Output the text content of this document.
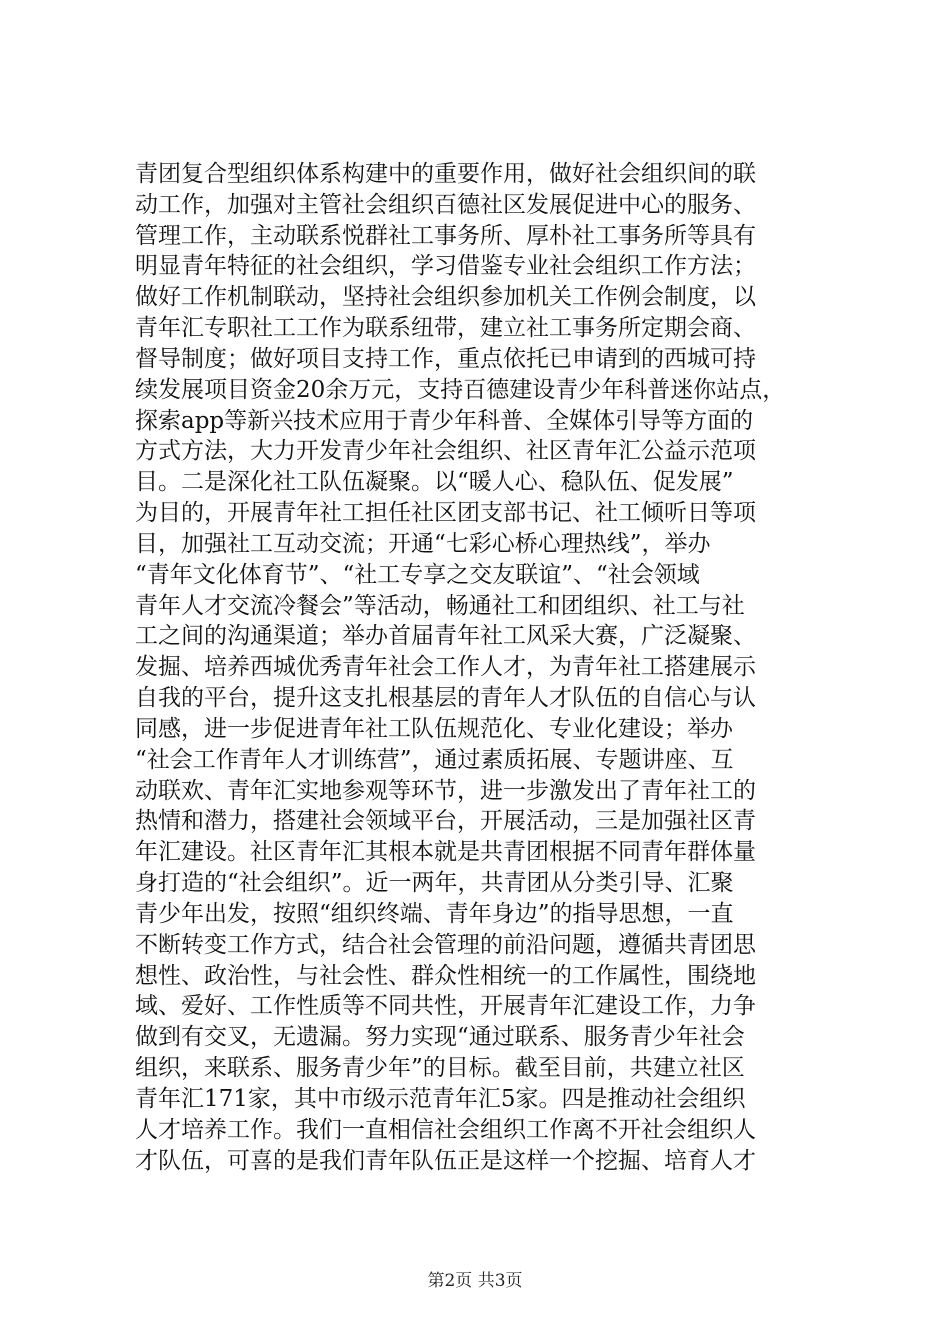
青团复合型组织体系构建中的重要作用，做好社会组织间的联
动工作，加强对主管社会组织百德社区发展促进中心的服务、
管理工作，主动联系悦群社工事务所、厚朴社工事务所等具有
明显青年特征的社会组织，学习借鉴专业社会组织工作方法；
做好工作机制联动，坚持社会组织参加机关工作例会制度，以
青年汇专职社工工作为联系纽带，建立社工事务所定期会商、
督导制度；做好项目支持工作，重点依托已申请到的西城可持
续发展项目资金20余万元，支持百德建设青少年科普迷你站点，
探索app等新兴技术应用于青少年科普、全媒体引导等方面的
方式方法，大力开发青少年社会组织、社区青年汇公益示范项
目。二是深化社工队伍凝聚。以“暖人心、稳队伍、促发展”
为目的，开展青年社工担任社区团支部书记、社工倾听日等项
目，加强社工互动交流；开通“七彩心桥心理热线”，举办
“青年文化体育节”、“社工专享之交友联谊”、“社会领域
青年人才交流冷餐会”等活动，畅通社工和团组织、社工与社
工之间的沟通渠道；举办首届青年社工风采大赛，广泛凝聚、
发掘、培养西城优秀青年社会工作人才，为青年社工搭建展示
自我的平台，提升这支扎根基层的青年人才队伍的自信心与认
同感，进一步促进青年社工队伍规范化、专业化建设；举办
“社会工作青年人才训练营”，通过素质拓展、专题讲座、互
动联欢、青年汇实地参观等环节，进一步激发出了青年社工的
热情和潜力，搭建社会领域平台，开展活动，三是加强社区青
年汇建设。社区青年汇其根本就是共青团根据不同青年群体量
身打造的“社会组织”。近一两年，共青团从分类引导、汇聚
青少年出发，按照“组织终端、青年身边”的指导思想，一直
不断转变工作方式，结合社会管理的前沿问题，遵循共青团思
想性、政治性，与社会性、群众性相统一的工作属性，围绕地
域、爱好、工作性质等不同共性，开展青年汇建设工作，力争
做到有交叉，无遗漏。努力实现“通过联系、服务青少年社会
组织，来联系、服务青少年”的目标。截至目前，共建立社区
青年汇171家，其中市级示范青年汇5家。四是推动社会组织
人才培养工作。我们一直相信社会组织工作离不开社会组织人
才队伍，可喜的是我们青年队伍正是这样一个挖掘、培育人才
第2页 共3页
